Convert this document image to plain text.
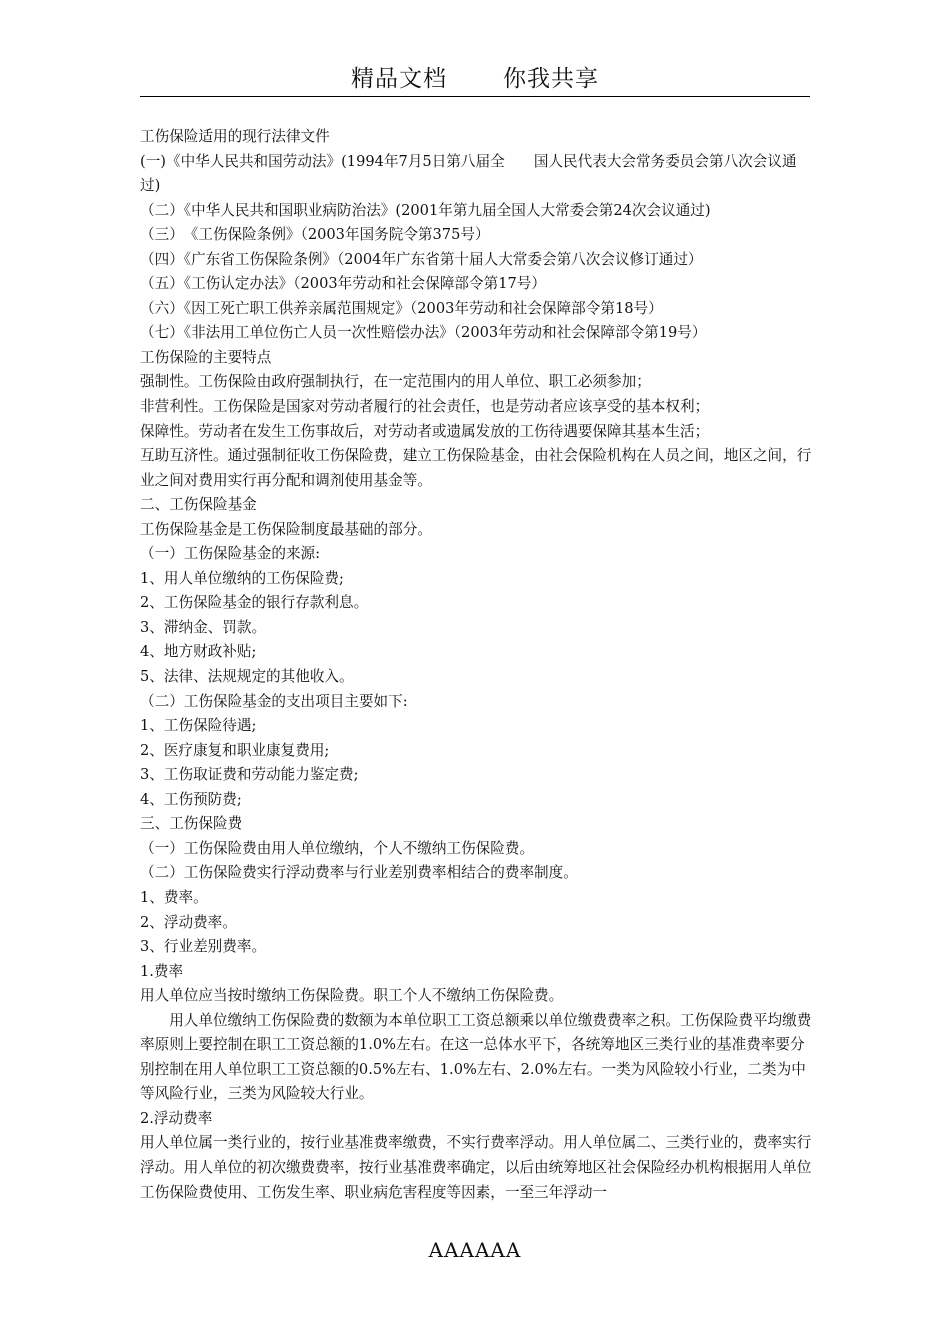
精品文档 你我共享

工伤保险适用的现行法律文件

(一)《中华人民共和国劳动法》(1994年7月5日第八届全　　国人民代表大会常务委员会第八次会议通过)

（二）《中华人民共和国职业病防治法》(2001年第九届全国人大常委会第24次会议通过)

（三）　《工伤保险条例》（2003年国务院令第375号）

（四）《广东省工伤保险条例》（2004年广东省第十届人大常委会第八次会议修订通过）

（五）《工伤认定办法》（2003年劳动和社会保障部令第17号）

（六）《因工死亡职工供养亲属范围规定》（2003年劳动和社会保障部令第18号）

（七）《非法用工单位伤亡人员一次性赔偿办法》（2003年劳动和社会保障部令第19号）

工伤保险的主要特点

强制性。工伤保险由政府强制执行，在一定范围内的用人单位、职工必须参加；

非营利性。工伤保险是国家对劳动者履行的社会责任，也是劳动者应该享受的基本权利；

保障性。劳动者在发生工伤事故后，对劳动者或遗属发放的工伤待遇要保障其基本生活；

互助互济性。通过强制征收工伤保险费，建立工伤保险基金，由社会保险机构在人员之间，地区之间，行业之间对费用实行再分配和调剂使用基金等。

二、工伤保险基金

工伤保险基金是工伤保险制度最基础的部分。

（一）工伤保险基金的来源:

1、用人单位缴纳的工伤保险费;

2、工伤保险基金的银行存款利息。

3、滞纳金、罚款。

4、地方财政补贴;

5、法律、法规规定的其他收入。

（二）工伤保险基金的支出项目主要如下:

1、工伤保险待遇;

2、医疗康复和职业康复费用;

3、工伤取证费和劳动能力鉴定费;

4、工伤预防费;

三、工伤保险费

（一）工伤保险费由用人单位缴纳，个人不缴纳工伤保险费。

（二）工伤保险费实行浮动费率与行业差别费率相结合的费率制度。

1、费率。

2、浮动费率。

3、行业差别费率。

1.费率

用人单位应当按时缴纳工伤保险费。职工个人不缴纳工伤保险费。

用人单位缴纳工伤保险费的数额为本单位职工工资总额乘以单位缴费费率之积。工伤保险费平均缴费率原则上要控制在职工工资总额的1.0%左右。在这一总体水平下，各统筹地区三类行业的基准费率要分别控制在用人单位职工工资总额的0.5%左右、1.0%左右、2.0%左右。一类为风险较小行业，二类为中等风险行业，三类为风险较大行业。

2.浮动费率

用人单位属一类行业的，按行业基准费率缴费，不实行费率浮动。用人单位属二、三类行业的，费率实行浮动。用人单位的初次缴费费率，按行业基准费率确定，以后由统筹地区社会保险经办机构根据用人单位工伤保险费使用、工伤发生率、职业病危害程度等因素，一至三年浮动一

AAAAAA
